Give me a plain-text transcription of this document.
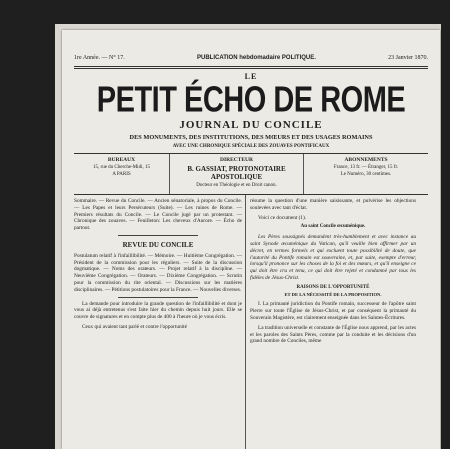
1re Année. — N° 17.	PUBLICATION hebdomadaire POLITIQUE.	23 Janvier 1870.
LE
PETIT ÉCHO DE ROME
JOURNAL DU CONCILE
DES MONUMENTS, DES INSTITUTIONS, DES MŒURS ET DES USAGES ROMAINS
AVEC UNE CHRONIQUE SPÉCIALE DES ZOUAVES PONTIFICAUX
BUREAUX
15, rue du Cherche-Midi, 15
A PARIS
DIRECTEUR
B. GASSIAT, PROTONOTAIRE APOSTOLIQUE
Docteur en Théologie et en Droit canon.
ABONNEMENTS
France, 13 fr. — Étranger, 15 fr.
Le Numéro, 30 centimes.

Sommaire. — Revue du Concile. — Ancien sénatoriale, à propos du Concile. — Les Papes et leurs Persécuteurs (Suite). — Les ruines de Rome. — Premiers résultats du Concile. — Le Concile jugé par un protestant. — Chronique des zouaves. — Feuilleton: Les cheveux d'Aurore. — Écho de partout.

REVUE DU CONCILE

Postulatum relatif à l'infaillibilité. — Mémoire. — Huitième Congrégation. — Président de la commission pour les réguliers. — Suite de la discussion dogmatique. — Noms des orateurs. — Projet relatif à la discipline. — Neuvième Congrégation. — Orateurs. — Dixième Congrégation. — Scrutin pour la commission du rite oriental. — Discussions sur les matières disciplinaires. — Pétitions postulatoires pour la France. — Nouvelles diverses.

La demande pour introduire la grande question de l'infaillibilité et dont je vous ai déjà entretenus s'est faite hier du chemin depuis huit jours. Elle se couvre de signatures et en compte plus de 400 à l'heure où je vous écris.

Ceux qui avaient tant parlé et contre l'opportunité

résume la question d'une manière saisissante, et pulvérise les objections soulevées avec tant d'éclat.

Voici ce document (1).

Au saint Concile œcuménique.

Les Pères soussignés demandent très-humblement et avec instance au saint Synode œcuménique du Vatican, qu'il veuille bien affirmer par un décret, en termes formels et qui excluent toute possibilité de doute, que l'autorité du Pontife romain est souveraine, et, par suite, exempte d'erreur, lorsqu'il prononce sur les choses de la foi et des mœurs, et qu'il enseigne ce qui doit être cru et tenu, ce qui doit être rejeté et condamné par tous les fidèles de Jésus-Christ.

RAISONS DE L'OPPORTUNITÉ
ET DE LA NÉCESSITÉ DE LA PROPOSITION.

I. La primauté juridiction du Pontife romain, successeur de l'apôtre saint Pierre sur toute l'Église de Jésus-Christ, et par conséquent la primauté du Souverain Magistère, est clairement enseignée dans les Saintes-Écritures.

La tradition universelle et constante de l'Église nous apprend, par les actes et les paroles des Saints Pères, comme par la conduite et les décisions d'un grand nombre de Conciles, même
